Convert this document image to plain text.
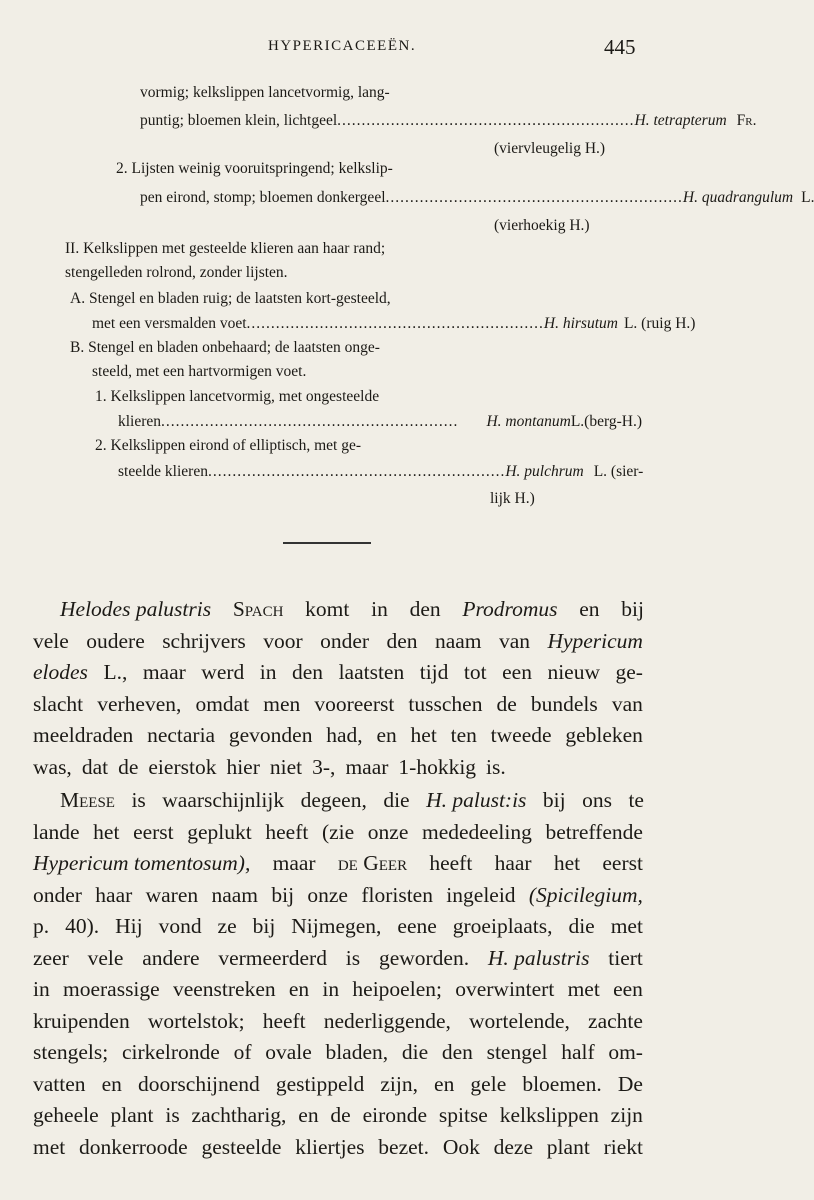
HYPERICACEEËN.	445
vormig; kelkslippen lancetvormig, lang-
puntig; bloemen klein, lichtgeel ............................................................. H. tetrapterum Fr.
(viervleugelig H.)
2. Lijsten weinig vooruitspringend; kelkslip-
pen eirond, stomp; bloemen donkergeel ............................................................. H. quadrangulum L.
(vierhoekig H.)
II. Kelkslippen met gesteelde klieren aan haar rand;
stengelleden rolrond, zonder lijsten.
A. Stengel en bladen ruig; de laatsten kort-gesteeld,
met een versmalden voet ............................................................. H. hirsutum L. (ruig H.)
B. Stengel en bladen onbehaard; de laatsten onge-
steeld, met een hartvormigen voet.
1. Kelkslippen lancetvormig, met ongesteelde
klieren .............................................................	H. montanum L.(berg-H.)
2. Kelkslippen eirond of elliptisch, met ge-
steelde klieren ............................................................. H. pulchrum L. (sier-
lijk H.)
Helodes palustris Spach komt in den Prodromus en bij
vele oudere schrijvers voor onder den naam van Hypericum
elodes L., maar werd in den laatsten tijd tot een nieuw ge-
slacht verheven, omdat men vooreerst tusschen de bundels van
meeldraden nectaria gevonden had, en het ten tweede gebleken
was, dat de eierstok hier niet 3-, maar 1-hokkig is.
Meese is waarschijnlijk degeen, die H. palust:is bij ons te
lande het eerst geplukt heeft (zie onze mededeeling betreffende
Hypericum tomentosum), maar de Geer heeft haar het eerst
onder haar waren naam bij onze floristen ingeleid (Spicilegium,
p. 40). Hij vond ze bij Nijmegen, eene groeiplaats, die met
zeer vele andere vermeerderd is geworden. H. palustris tiert
in moerassige veenstreken en in heipoelen; overwintert met een
kruipenden wortelstok; heeft nederliggende, wortelende, zachte
stengels; cirkelronde of ovale bladen, die den stengel half om-
vatten en doorschijnend gestippeld zijn, en gele bloemen. De
geheele plant is zachtharig, en de eironde spitse kelkslippen zijn
met donkerroode gesteelde kliertjes bezet. Ook deze plant riekt
